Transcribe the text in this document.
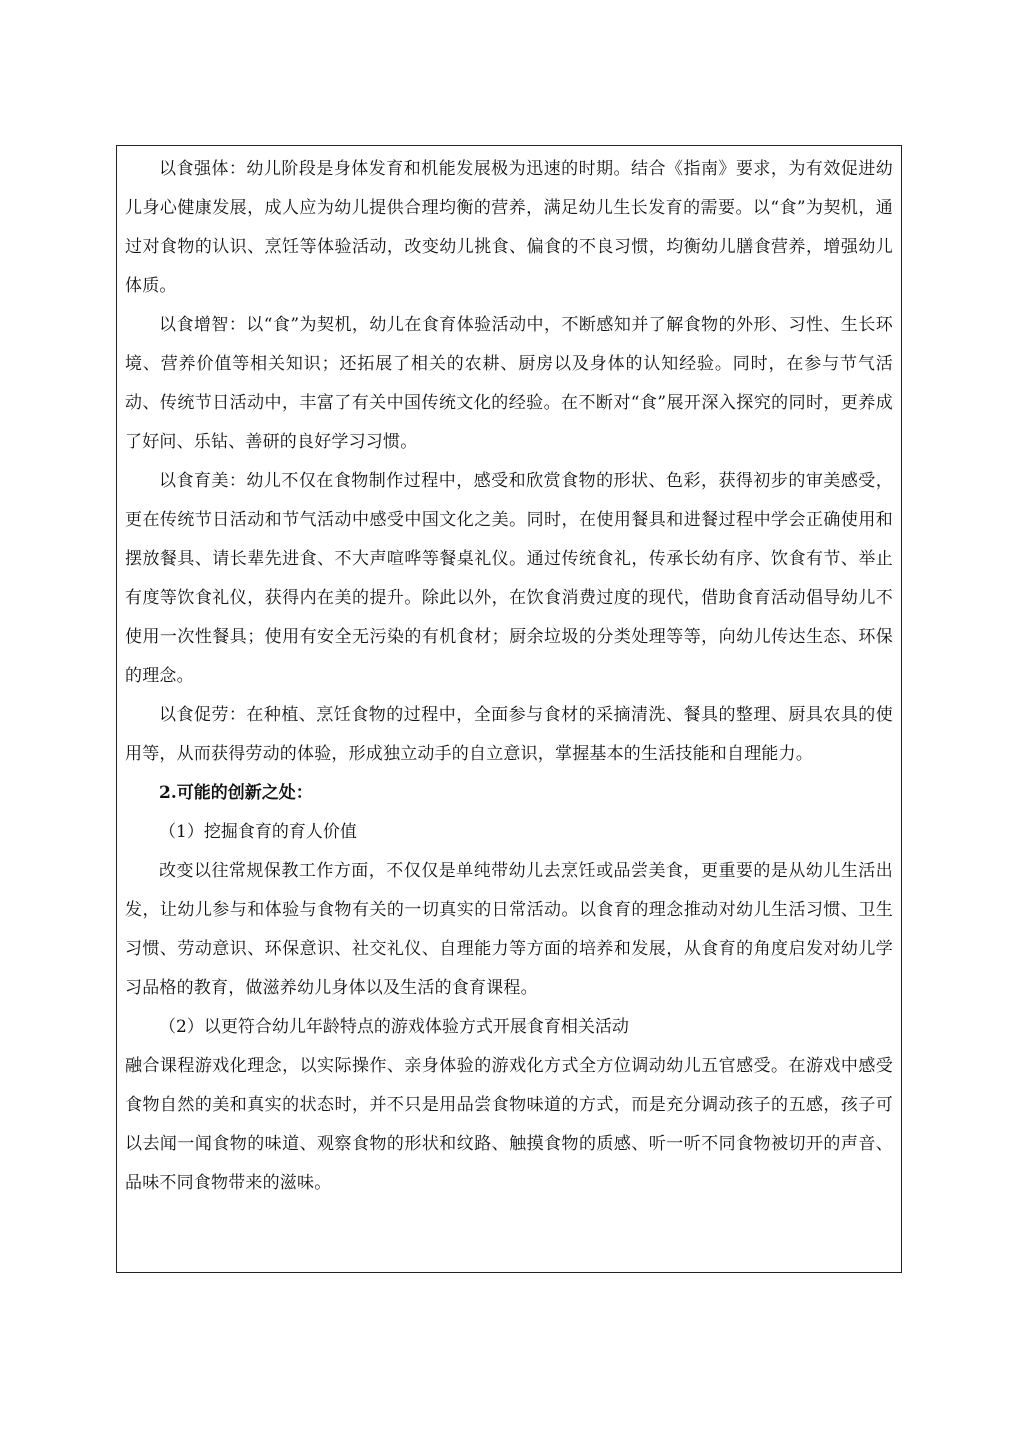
以食强体：幼儿阶段是身体发育和机能发展极为迅速的时期。结合《指南》要求，为有效促进幼儿身心健康发展，成人应为幼儿提供合理均衡的营养，满足幼儿生长发育的需要。以“食”为契机，通过对食物的认识、烹饪等体验活动，改变幼儿挑食、偏食的不良习惯，均衡幼儿膳食营养，增强幼儿体质。

以食增智：以“食”为契机，幼儿在食育体验活动中，不断感知并了解食物的外形、习性、生长环境、营养价值等相关知识；还拓展了相关的农耕、厨房以及身体的认知经验。同时，在参与节气活动、传统节日活动中，丰富了有关中国传统文化的经验。在不断对“食”展开深入探究的同时，更养成了好问、乐钻、善研的良好学习习惯。

以食育美：幼儿不仅在食物制作过程中，感受和欣赏食物的形状、色彩，获得初步的审美感受，更在传统节日活动和节气活动中感受中国文化之美。同时，在使用餐具和进餐过程中学会正确使用和摆放餐具、请长辈先进食、不大声喧哗等餐桌礼仪。通过传统食礼，传承长幼有序、饮食有节、举止有度等饮食礼仪，获得内在美的提升。除此以外，在饮食消费过度的现代，借助食育活动倡导幼儿不使用一次性餐具；使用有安全无污染的有机食材；厨余垃圾的分类处理等等，向幼儿传达生态、环保的理念。

以食促劳：在种植、烹饪食物的过程中，全面参与食材的采摘清洗、餐具的整理、厨具农具的使用等，从而获得劳动的体验，形成独立动手的自立意识，掌握基本的生活技能和自理能力。

2.可能的创新之处：

（1）挖掘食育的育人价值

改变以往常规保教工作方面，不仅仅是单纯带幼儿去烹饪或品尝美食，更重要的是从幼儿生活出发，让幼儿参与和体验与食物有关的一切真实的日常活动。以食育的理念推动对幼儿生活习惯、卫生习惯、劳动意识、环保意识、社交礼仪、自理能力等方面的培养和发展，从食育的角度启发对幼儿学习品格的教育，做滋养幼儿身体以及生活的食育课程。

（2）以更符合幼儿年龄特点的游戏体验方式开展食育相关活动

融合课程游戏化理念，以实际操作、亲身体验的游戏化方式全方位调动幼儿五官感受。在游戏中感受食物自然的美和真实的状态时，并不只是用品尝食物味道的方式，而是充分调动孩子的五感，孩子可以去闻一闻食物的味道、观察食物的形状和纹路、触摸食物的质感、听一听不同食物被切开的声音、品味不同食物带来的滋味。
